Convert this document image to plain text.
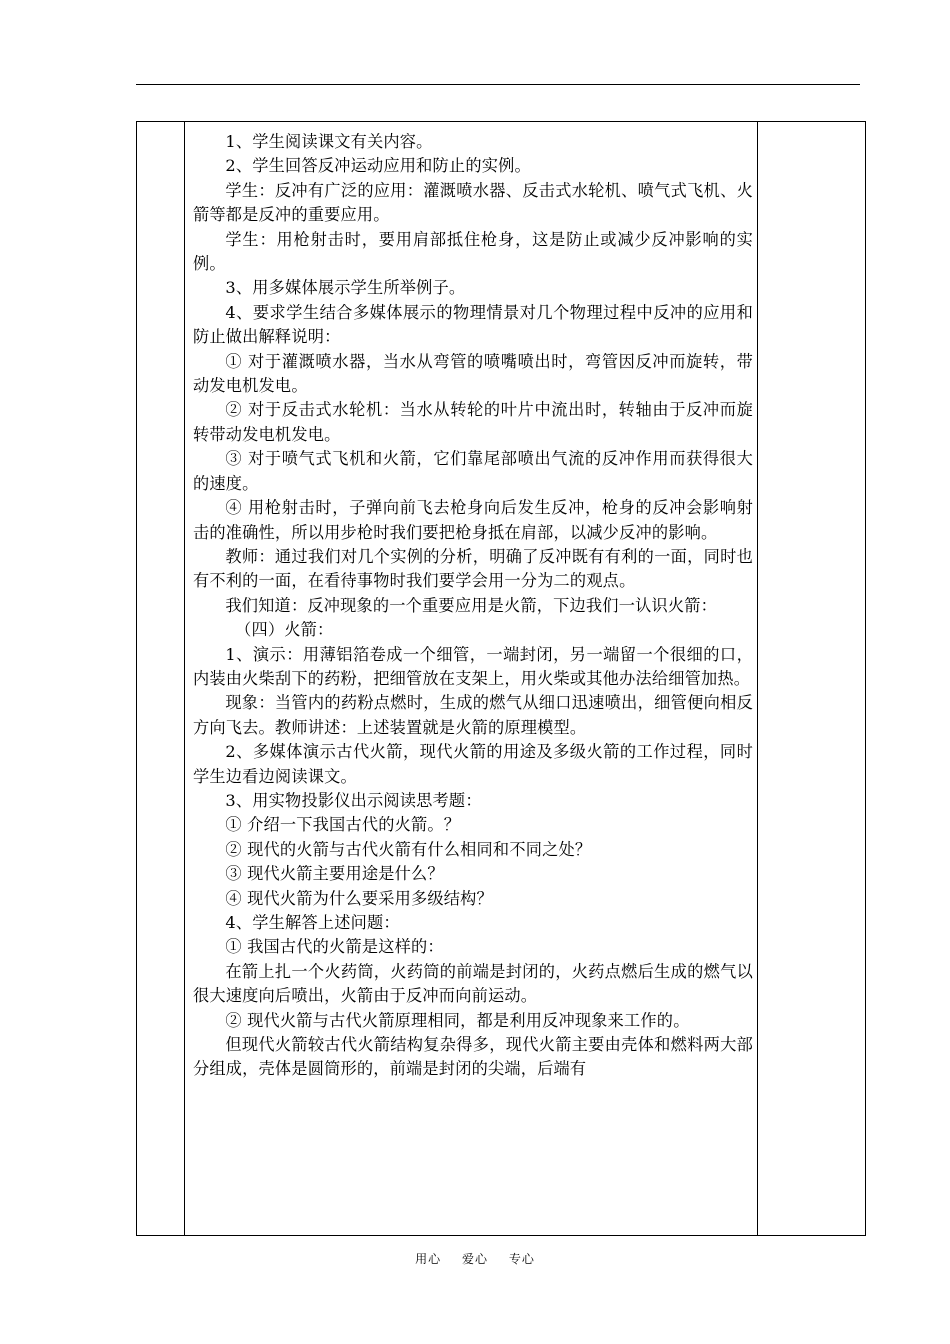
1、学生阅读课文有关内容。

2、学生回答反冲运动应用和防止的实例。

学生：反冲有广泛的应用：灌溉喷水器、反击式水轮机、喷气式飞机、火箭等都是反冲的重要应用。

学生：用枪射击时，要用肩部抵住枪身，这是防止或减少反冲影响的实例。

3、用多媒体展示学生所举例子。

4、要求学生结合多媒体展示的物理情景对几个物理过程中反冲的应用和防止做出解释说明：

① 对于灌溉喷水器，当水从弯管的喷嘴喷出时，弯管因反冲而旋转，带动发电机发电。

② 对于反击式水轮机：当水从转轮的叶片中流出时，转轴由于反冲而旋转带动发电机发电。

③ 对于喷气式飞机和火箭，它们靠尾部喷出气流的反冲作用而获得很大的速度。

④ 用枪射击时，子弹向前飞去枪身向后发生反冲，枪身的反冲会影响射击的准确性，所以用步枪时我们要把枪身抵在肩部，以减少反冲的影响。

教师：通过我们对几个实例的分析，明确了反冲既有有利的一面，同时也有不利的一面，在看待事物时我们要学会用一分为二的观点。

我们知道：反冲现象的一个重要应用是火箭，下边我们一认识火箭：

（四）火箭：

1、演示：用薄铝箔卷成一个细管，一端封闭，另一端留一个很细的口，内装由火柴刮下的药粉，把细管放在支架上，用火柴或其他办法给细管加热。

现象：当管内的药粉点燃时，生成的燃气从细口迅速喷出，细管便向相反方向飞去。教师讲述：上述装置就是火箭的原理模型。

2、多媒体演示古代火箭，现代火箭的用途及多级火箭的工作过程，同时学生边看边阅读课文。

3、用实物投影仪出示阅读思考题：

① 介绍一下我国古代的火箭。？

② 现代的火箭与古代火箭有什么相同和不同之处？

③ 现代火箭主要用途是什么？

④ 现代火箭为什么要采用多级结构？

4、学生解答上述问题：

① 我国古代的火箭是这样的：

在箭上扎一个火药筒，火药筒的前端是封闭的，火药点燃后生成的燃气以很大速度向后喷出，火箭由于反冲而向前运动。

② 现代火箭与古代火箭原理相同，都是利用反冲现象来工作的。

但现代火箭较古代火箭结构复杂得多，现代火箭主要由壳体和燃料两大部分组成，壳体是圆筒形的，前端是封闭的尖端，后端有

用心 爱心 专心
